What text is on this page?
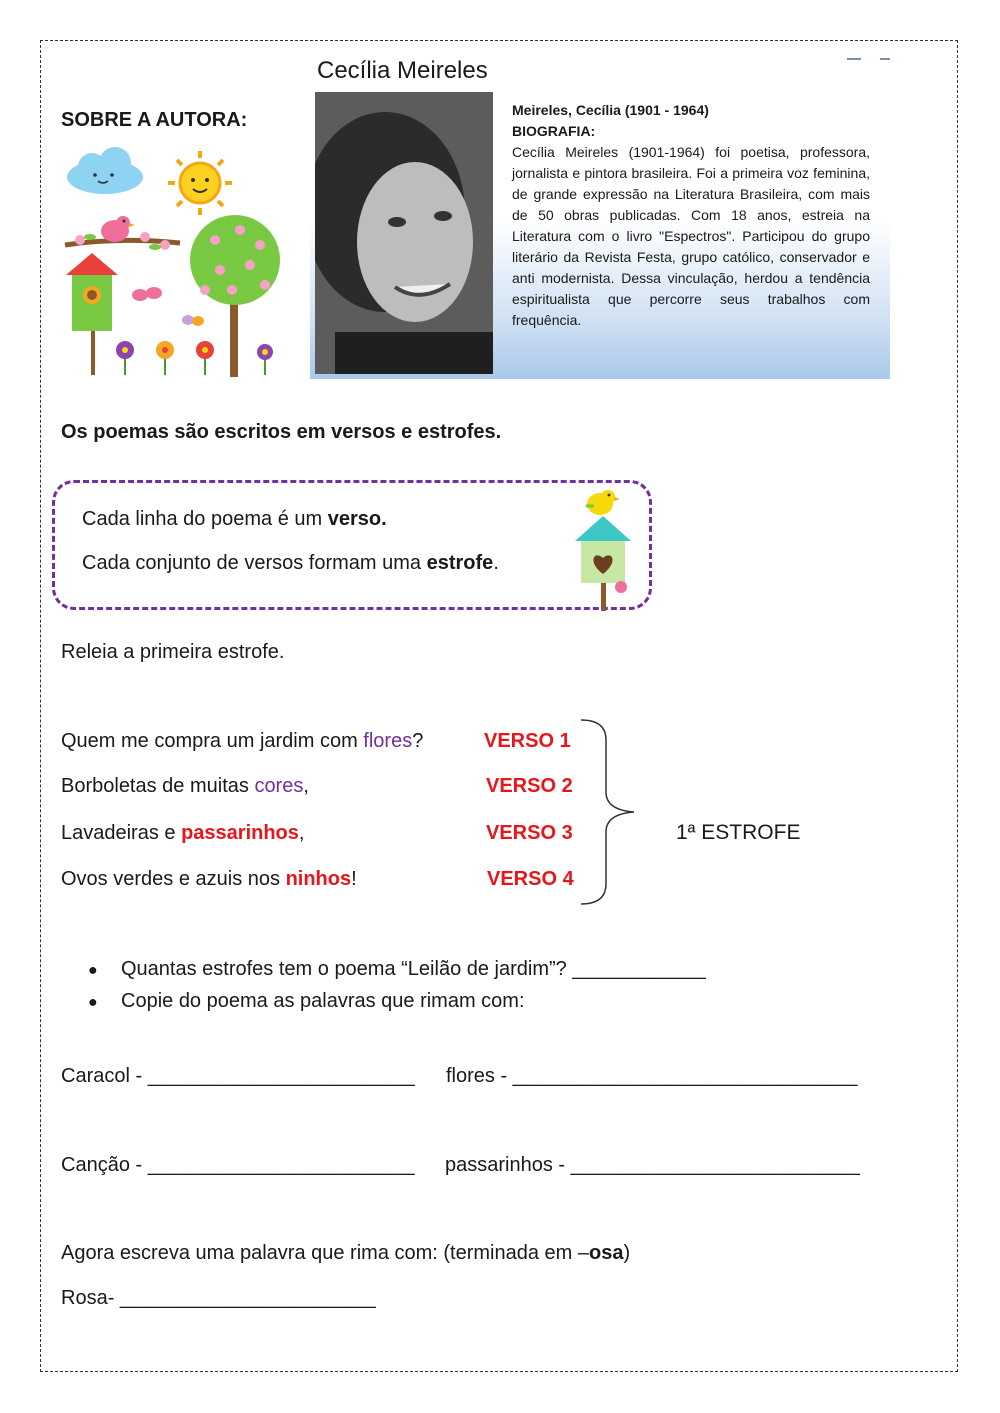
Cecília Meireles
SOBRE A AUTORA:	Meireles, Cecília (1901 - 1964)
BIOGRAFIA:

Cecília Meireles (1901-1964) foi poetisa, professora, jornalista e pintora brasileira. Foi a primeira voz feminina, de grande expressão na Literatura Brasileira, com mais de 50 obras publicadas. Com 18 anos, estreia na Literatura com o livro "Espectros". Participou do grupo literário da Revista Festa, grupo católico, conservador e anti modernista. Dessa vinculação, herdou a tendência espiritualista que percorre seus trabalhos com frequência.

Os poemas são escritos em versos e estrofes.
Cada linha do poema é um verso.
Cada conjunto de versos formam uma estrofe.
Releia a primeira estrofe.
Quem me compra um jardim com flores?	VERSO 1
Borboletas de muitas cores,	VERSO 2
Lavadeiras e passarinhos,	VERSO 3
Ovos verdes e azuis nos ninhos!	VERSO 4
1ª ESTROFE
● Quantas estrofes tem o poema “Leilão de jardim”? ____________
● Copie do poema as palavras que rimam com:
Caracol - ________________________ flores - _______________________________
Canção - ________________________ passarinhos - __________________________
Agora escreva uma palavra que rima com: (terminada em –osa)
Rosa- _______________________
